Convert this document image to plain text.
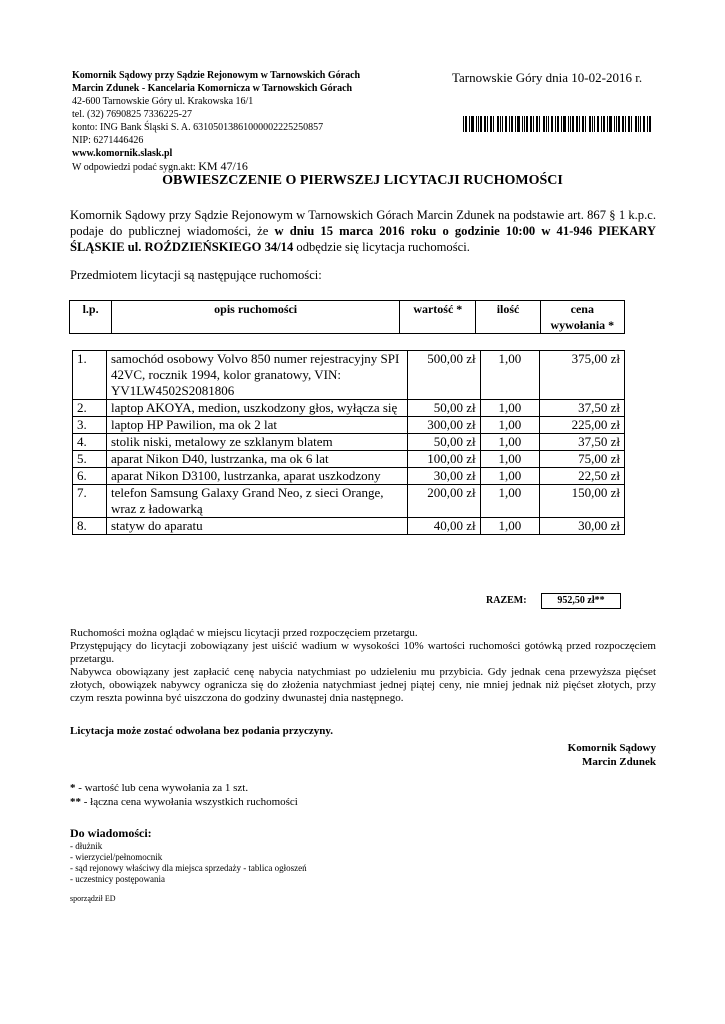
Komornik Sądowy przy Sądzie Rejonowym w Tarnowskich Górach
Marcin Zdunek - Kancelaria Komornicza w Tarnowskich Górach
42-600 Tarnowskie Góry ul. Krakowska 16/1
tel. (32) 7690825 7336225-27
konto: ING Bank Śląski S. A. 63105013861000002225250857
NIP: 6271446426
www.komornik.slask.pl
W odpowiedzi podać sygn.akt: KM 47/16
Tarnowskie Góry dnia 10-02-2016 r.
OBWIESZCZENIE O PIERWSZEJ LICYTACJI RUCHOMOŚCI
Komornik Sądowy przy Sądzie Rejonowym w Tarnowskich Górach Marcin Zdunek na podstawie art. 867 § 1 k.p.c. podaje do publicznej wiadomości, że w dniu 15 marca 2016 roku o godzinie 10:00 w 41-946 PIEKARY ŚLĄSKIE ul. ROŹDZIEŃSKIEGO 34/14 odbędzie się licytacja ruchomości.
Przedmiotem licytacji są następujące ruchomości:
l.p.	opis ruchomości	wartość *	ilość	cena wywołania *
1.	samochód osobowy Volvo 850 numer rejestracyjny SPI 42VC, rocznik 1994, kolor granatowy, VIN: YV1LW4502S2081806	500,00 zł	1,00	375,00 zł
2.	laptop AKOYA, medion, uszkodzony głos, wyłącza się	50,00 zł	1,00	37,50 zł
3.	laptop HP Pawilion, ma ok 2 lat	300,00 zł	1,00	225,00 zł
4.	stolik niski, metalowy ze szklanym blatem	50,00 zł	1,00	37,50 zł
5.	aparat Nikon D40, lustrzanka, ma ok 6 lat	100,00 zł	1,00	75,00 zł
6.	aparat Nikon D3100, lustrzanka, aparat uszkodzony	30,00 zł	1,00	22,50 zł
7.	telefon Samsung Galaxy Grand Neo, z sieci Orange, wraz z ładowarką	200,00 zł	1,00	150,00 zł
8.	statyw do aparatu	40,00 zł	1,00	30,00 zł
RAZEM:	952,50 zł**

Ruchomości można oglądać w miejscu licytacji przed rozpoczęciem przetargu.

Przystępujący do licytacji zobowiązany jest uiścić wadium w wysokości 10% wartości ruchomości gotówką przed rozpoczęciem przetargu.

Nabywca obowiązany jest zapłacić cenę nabycia natychmiast po udzieleniu mu przybicia. Gdy jednak cena przewyższa pięćset złotych, obowiązek nabywcy ogranicza się do złożenia natychmiast jednej piątej ceny, nie mniej jednak niż pięćset złotych, przy czym reszta powinna być uiszczona do godziny dwunastej dnia następnego.

Licytacja może zostać odwołana bez podania przyczyny.
Komornik Sądowy
Marcin Zdunek
* - wartość lub cena wywołania za 1 szt.
** - łączna cena wywołania wszystkich ruchomości
Do wiadomości:
- dłużnik
- wierzyciel/pełnomocnik
- sąd rejonowy właściwy dla miejsca sprzedaży - tablica ogłoszeń
- uczestnicy postępowania
sporządził ED
